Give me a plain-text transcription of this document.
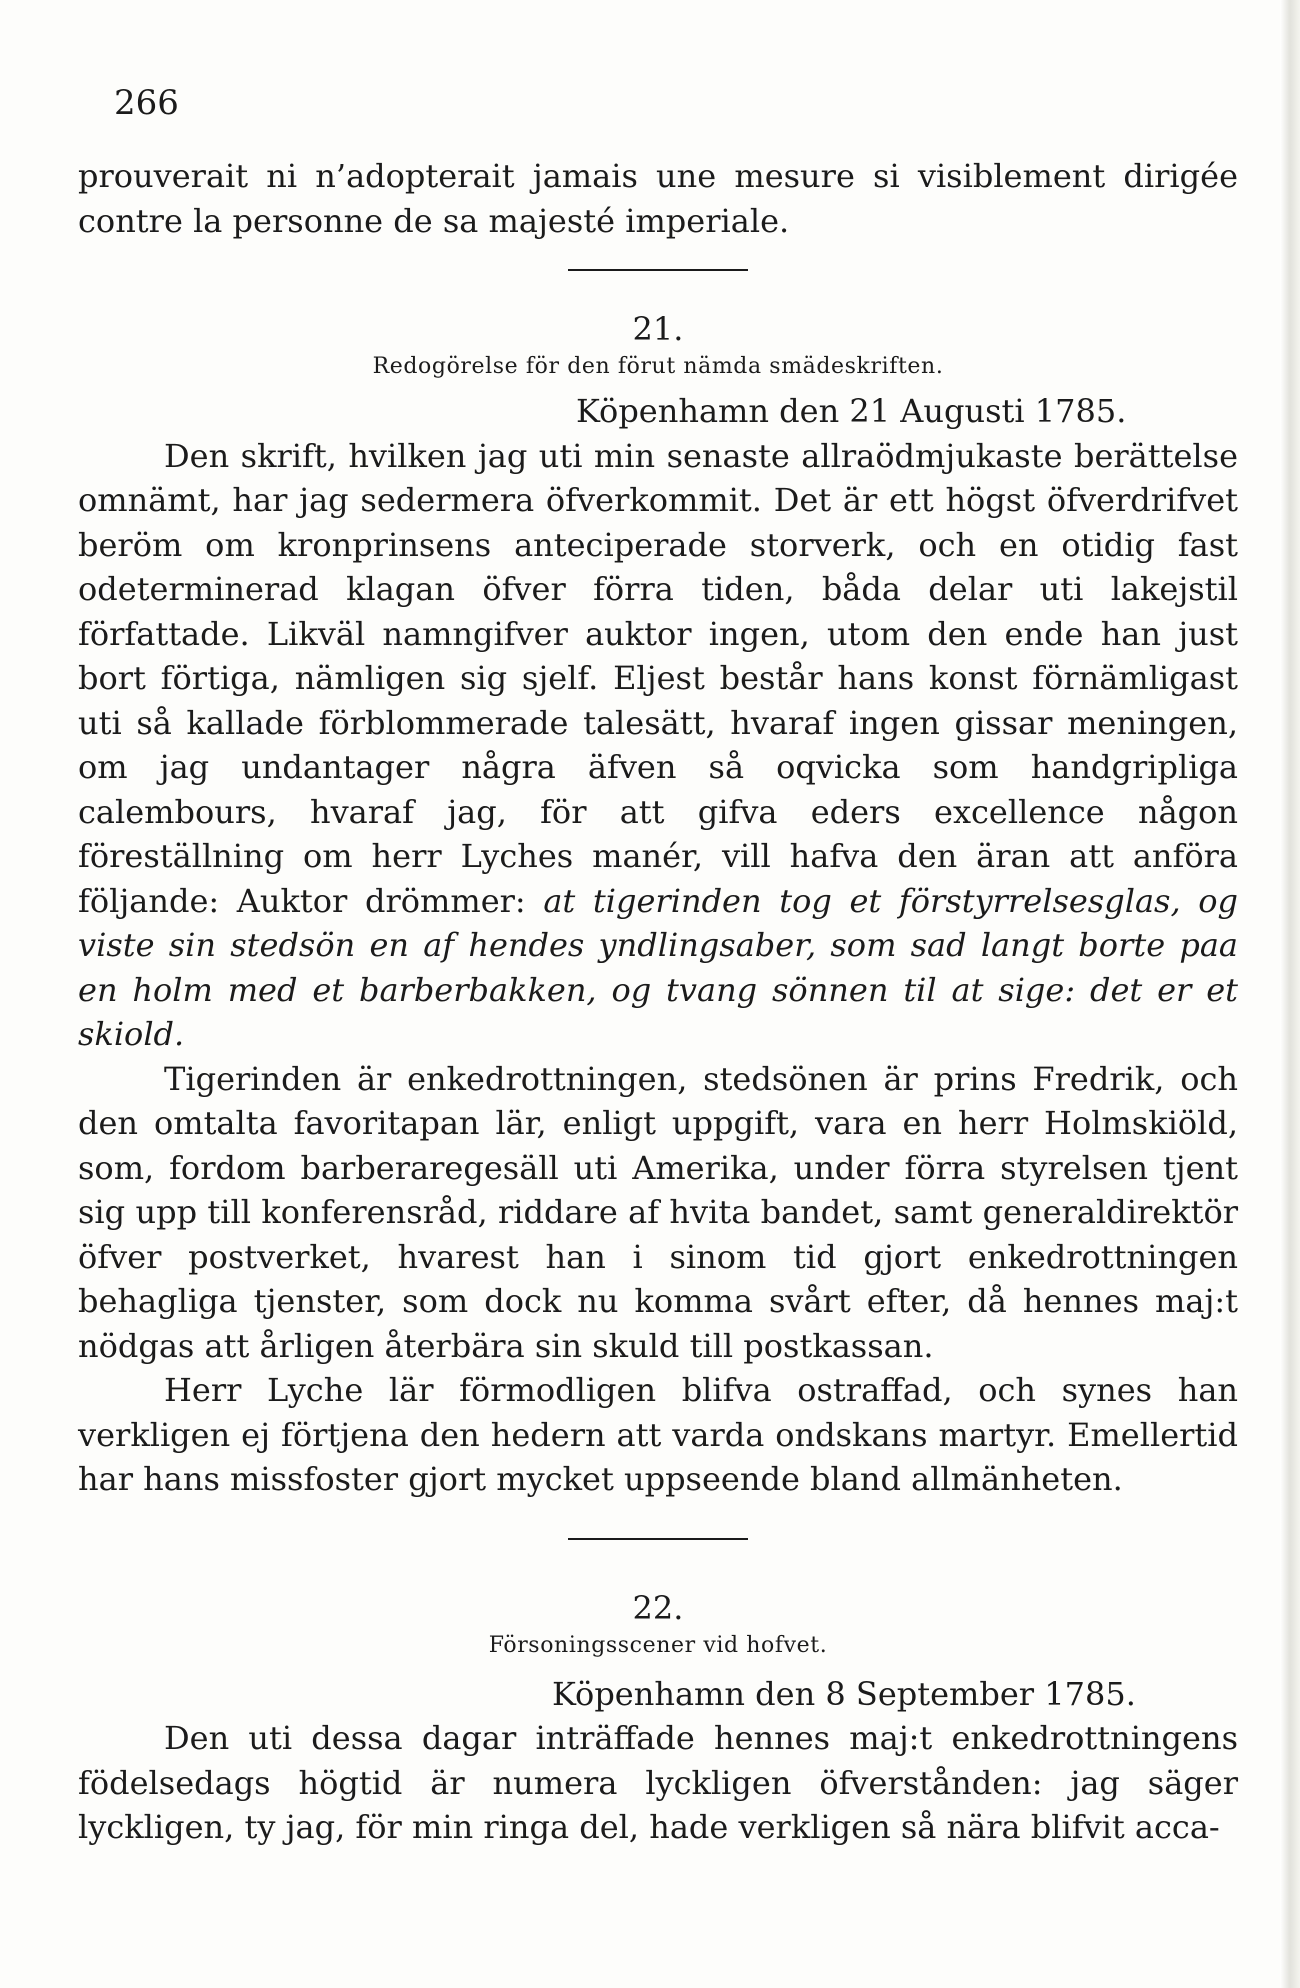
266

prouverait ni n’adopterait jamais une mesure si visiblement dirigée contre la personne de sa majesté imperiale.

21.
Redogörelse för den förut nämda smädeskriften.
Köpenhamn den 21 Augusti 1785.

Den skrift, hvilken jag uti min senaste allraödmjukaste berättelse omnämt, har jag sedermera öfverkommit. Det är ett högst öfverdrifvet beröm om kronprinsens anteciperade storverk, och en otidig fast odeterminerad klagan öfver förra tiden, båda delar uti lakejstil författade. Likväl namngifver auktor ingen, utom den ende han just bort förtiga, nämligen sig sjelf. Eljest består hans konst förnämligast uti så kallade förblommerade talesätt, hvaraf ingen gissar meningen, om jag undantager några äfven så oqvicka som handgripliga calembours, hvaraf jag, för att gifva eders excellence någon föreställning om herr Lyches manér, vill hafva den äran att anföra följande: Auktor drömmer: at tigerinden tog et förstyrrelsesglas, og viste sin stedsön en af hendes yndlingsaber, som sad langt borte paa en holm med et barberbakken, og tvang sönnen til at sige: det er et skiold.

Tigerinden är enkedrottningen, stedsönen är prins Fredrik, och den omtalta favoritapan lär, enligt uppgift, vara en herr Holmskiöld, som, fordom barberaregesäll uti Amerika, under förra styrelsen tjent sig upp till konferensråd, riddare af hvita bandet, samt generaldirektör öfver postverket, hvarest han i sinom tid gjort enkedrottningen behagliga tjenster, som dock nu komma svårt efter, då hennes maj:t nödgas att årligen återbära sin skuld till postkassan.

Herr Lyche lär förmodligen blifva ostraffad, och synes han verkligen ej förtjena den hedern att varda ondskans martyr. Emellertid har hans missfoster gjort mycket uppseende bland allmänheten.

22.
Försoningsscener vid hofvet.
Köpenhamn den 8 September 1785.

Den uti dessa dagar inträffade hennes maj:t enkedrottningens födelsedags högtid är numera lyckligen öfverstånden: jag säger lyckligen, ty jag, för min ringa del, hade verkligen så nära blifvit acca-
